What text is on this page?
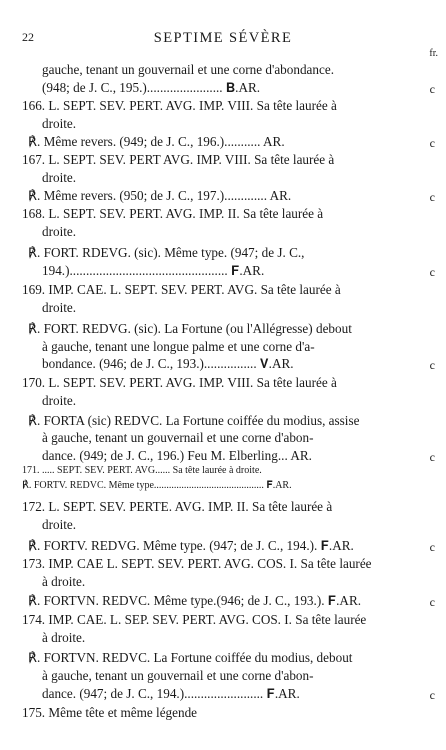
22	SEPTIME SÉVÈRE
fr.
gauche, tenant un gouvernail et une corne d'abondance.
(948; de J. C., 195.)....................... 𝐁.AR.
166. L. SEPT. SEV. PERT. AVG. IMP. VIII. Sa tête laurée à
droite.
℟. Même revers. (949; de J. C., 196.)........... AR.
167. L. SEPT. SEV. PERT AVG. IMP. VIII. Sa tête laurée à
droite.
℟. Même revers. (950; de J. C., 197.)............. AR.
168. L. SEPT. SEV. PERT. AVG. IMP. II. Sa tête laurée à
droite.
℟. FORT. RDEVG. (sic). Même type. (947; de J. C.,
194.)................................................ 𝐅.AR.
169. IMP. CAE. L. SEPT. SEV. PERT. AVG. Sa tête laurée à
droite.
℟. FORT. REDVG. (sic). La Fortune (ou l'Allégresse) debout
à gauche, tenant une longue palme et une corne d'a-
bondance. (946; de J. C., 193.)................ 𝐕.AR.
170. L. SEPT. SEV. PERT. AVG. IMP. VIII. Sa tête laurée à
droite.
℟. FORTA (sic) REDVC. La Fortune coiffée du modius, assise
à gauche, tenant un gouvernail et une corne d'abon-
dance. (949; de J. C., 196.) Feu M. Elberling... AR.
171. ..... SEPT. SEV. PERT. AVG...... Sa tête laurée à droite.
℟. FORTV. REDVC. Même type............................................ 𝐅.AR.
172. L. SEPT. SEV. PERTE. AVG. IMP. II. Sa tête laurée à
droite.
℟. FORTV. REDVG. Même type. (947; de J. C., 194.). 𝐅.AR.
173. IMP. CAE L. SEPT. SEV. PERT. AVG. COS. I. Sa tête laurée
à droite.
℟. FORTVN. REDVC. Même type.(946; de J. C., 193.). 𝐅.AR.
174. IMP. CAE. L. SEP. SEV. PERT. AVG. COS. I. Sa tête laurée
à droite.
℟. FORTVN. REDVC. La Fortune coiffée du modius, debout
à gauche, tenant un gouvernail et une corne d'abon-
dance. (947; de J. C., 194.)........................ 𝐅.AR.
175. Même tête et même légende
c
c
c
c
c
c
c
c
c
